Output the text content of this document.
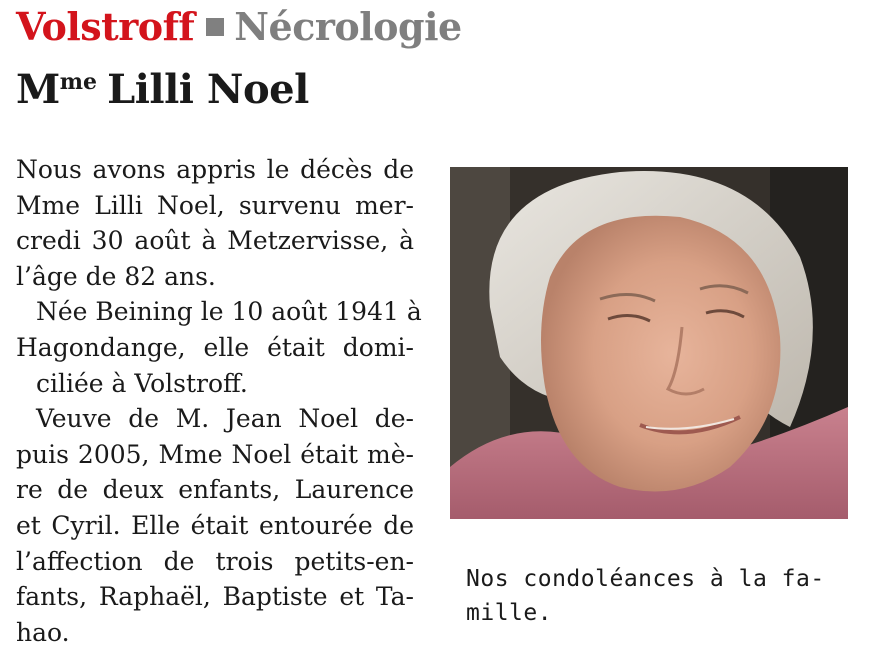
Volstroff Nécrologie
$M^{me}$ Lilli Noel
Nous avons appris le décès de
Mme Lilli Noel, survenu mer-
credi 30 août à Metzervisse, à
l’âge de 82 ans.
Née Beining le 10 août 1941 à
Hagondange, elle était domi-
ciliée à Volstroff.
Veuve de M. Jean Noel de-
puis 2005, Mme Noel était mè-
re de deux enfants, Laurence
et Cyril. Elle était entourée de
l’affection de trois petits-en-
fants, Raphaël, Baptiste et Ta-
hao.
Nos condoléances à la fa-
mille.
